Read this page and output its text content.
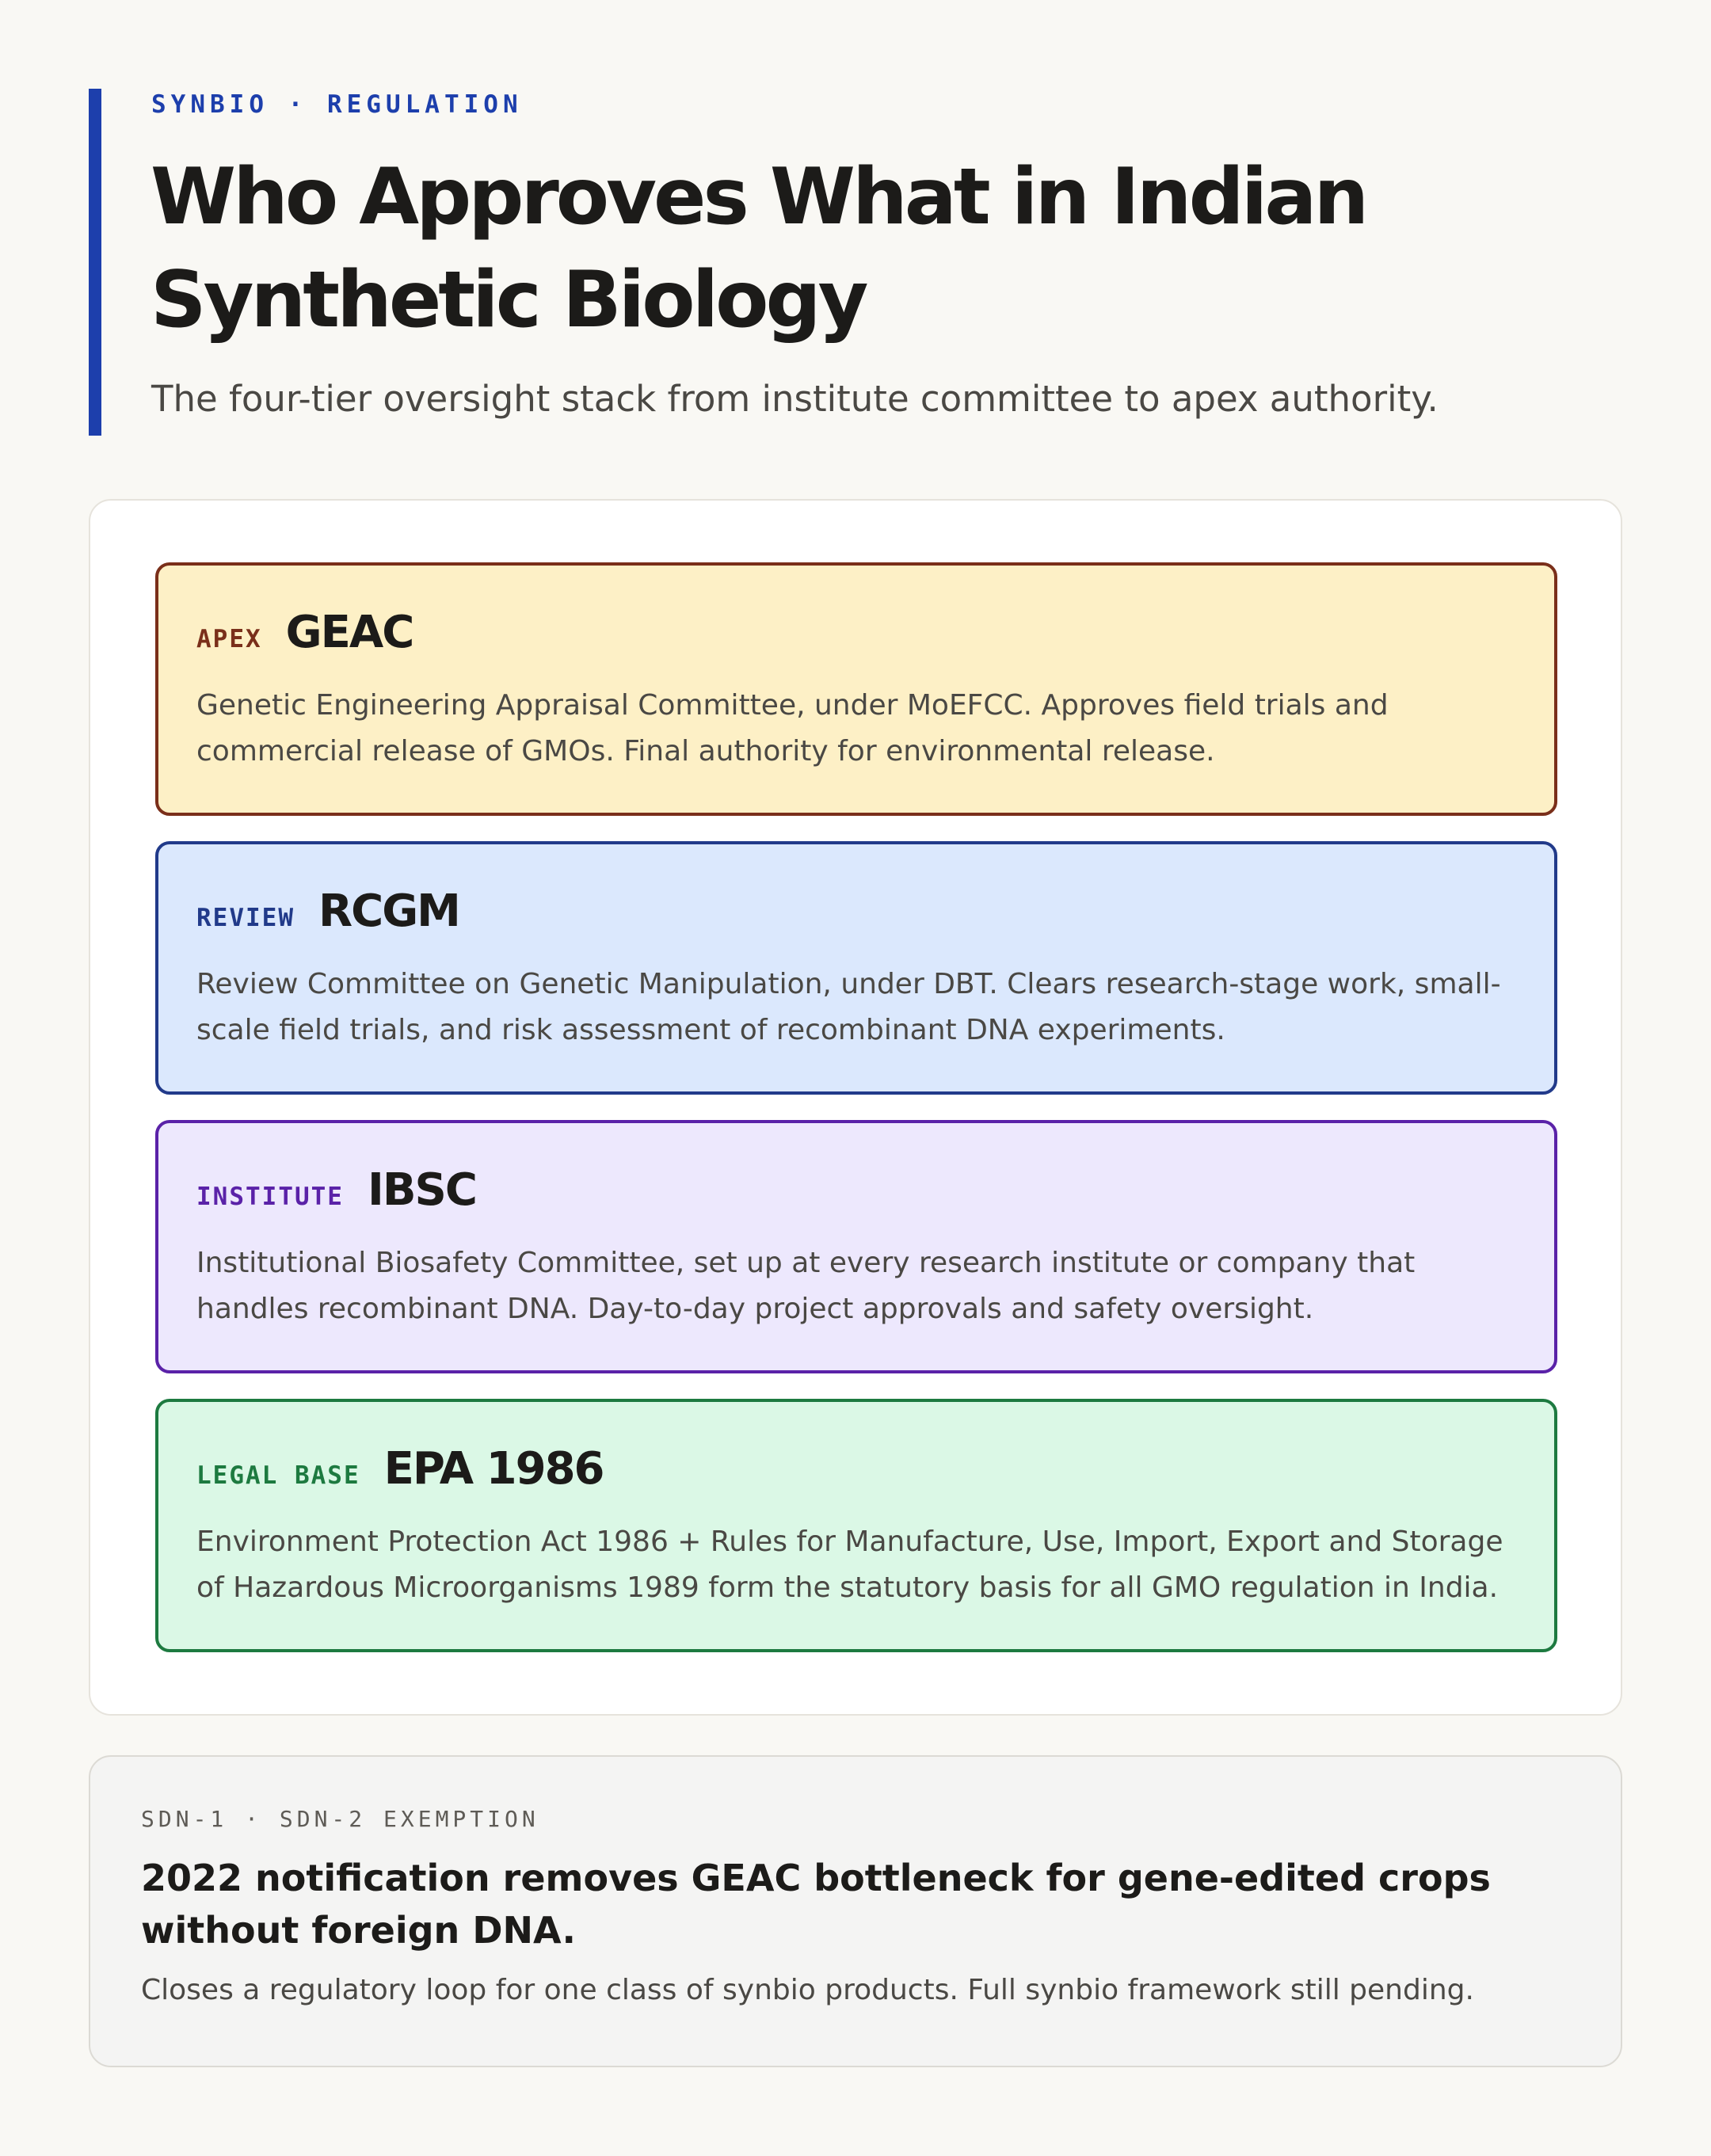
SYNBIO · REGULATION

Who Approves What in Indian Synthetic Biology

The four-tier oversight stack from institute committee to apex authority.

APEX GEAC

Genetic Engineering Appraisal Committee, under MoEFCC. Approves field trials and commercial release of GMOs. Final authority for environmental release.

REVIEW RCGM

Review Committee on Genetic Manipulation, under DBT. Clears research-stage work, small-scale field trials, and risk assessment of recombinant DNA experiments.

INSTITUTE IBSC

Institutional Biosafety Committee, set up at every research institute or company that handles recombinant DNA. Day-to-day project approvals and safety oversight.

LEGAL BASE EPA 1986

Environment Protection Act 1986 + Rules for Manufacture, Use, Import, Export and Storage of Hazardous Microorganisms 1989 form the statutory basis for all GMO regulation in India.

SDN-1 · SDN-2 EXEMPTION

2022 notification removes GEAC bottleneck for gene-edited crops without foreign DNA.

Closes a regulatory loop for one class of synbio products. Full synbio framework still pending.
